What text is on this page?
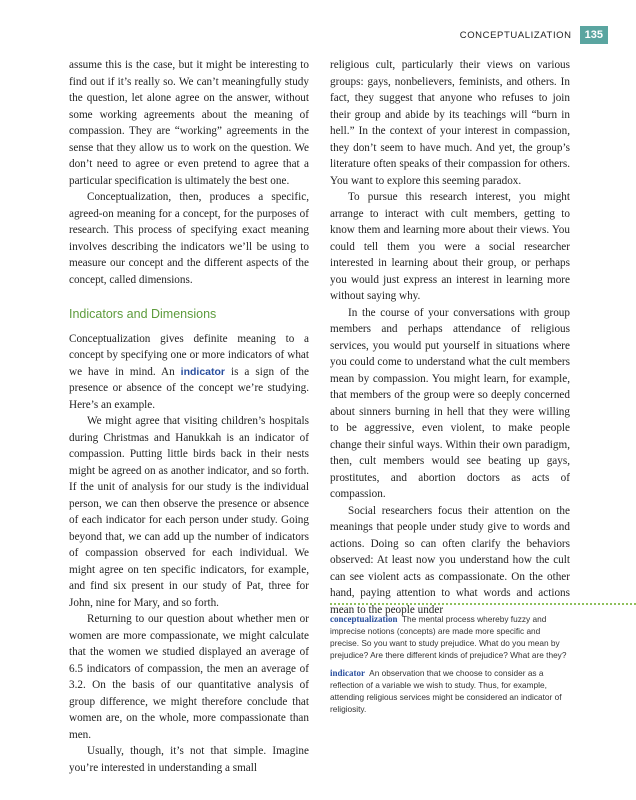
CONCEPTUALIZATION	135

assume this is the case, but it might be interesting to find out if it’s really so. We can’t meaningfully study the question, let alone agree on the answer, without some working agreements about the meaning of compassion. They are “working” agreements in the sense that they allow us to work on the question. We don’t need to agree or even pretend to agree that a particular specification is ultimately the best one.

Conceptualization, then, produces a specific, agreed-on meaning for a concept, for the purposes of research. This process of specifying exact meaning involves describing the indicators we’ll be using to measure our concept and the different aspects of the concept, called dimensions.

Indicators and Dimensions

Conceptualization gives definite meaning to a concept by specifying one or more indicators of what we have in mind. An indicator is a sign of the presence or absence of the concept we’re studying. Here’s an example.

We might agree that visiting children’s hospitals during Christmas and Hanukkah is an indicator of compassion. Putting little birds back in their nests might be agreed on as another indicator, and so forth. If the unit of analysis for our study is the individual person, we can then observe the presence or absence of each indicator for each person under study. Going beyond that, we can add up the number of indicators of compassion observed for each individual. We might agree on ten specific indicators, for example, and find six present in our study of Pat, three for John, nine for Mary, and so forth.

Returning to our question about whether men or women are more compassionate, we might calculate that the women we studied displayed an average of 6.5 indicators of compassion, the men an average of 3.2. On the basis of our quantitative analysis of group difference, we might therefore conclude that women are, on the whole, more compassionate than men.

Usually, though, it’s not that simple. Imagine you’re interested in understanding a small

religious cult, particularly their views on various groups: gays, nonbelievers, feminists, and others. In fact, they suggest that anyone who refuses to join their group and abide by its teachings will “burn in hell.” In the context of your interest in compassion, they don’t seem to have much. And yet, the group’s literature often speaks of their compassion for others. You want to explore this seeming paradox.

To pursue this research interest, you might arrange to interact with cult members, getting to know them and learning more about their views. You could tell them you were a social researcher interested in learning about their group, or perhaps you would just express an interest in learning more without saying why.

In the course of your conversations with group members and perhaps attendance of religious services, you would put yourself in situations where you could come to understand what the cult members mean by compassion. You might learn, for example, that members of the group were so deeply concerned about sinners burning in hell that they were willing to be aggressive, even violent, to make people change their sinful ways. Within their own paradigm, then, cult members would see beating up gays, prostitutes, and abortion doctors as acts of compassion.

Social researchers focus their attention on the meanings that people under study give to words and actions. Doing so can often clarify the behaviors observed: At least now you understand how the cult can see violent acts as compassionate. On the other hand, paying attention to what words and actions mean to the people under

conceptualization The mental process whereby fuzzy and imprecise notions (concepts) are made more specific and precise. So you want to study prejudice. What do you mean by prejudice? Are there different kinds of prejudice? What are they?

indicator An observation that we choose to consider as a reflection of a variable we wish to study. Thus, for example, attending religious services might be considered an indicator of religiosity.
